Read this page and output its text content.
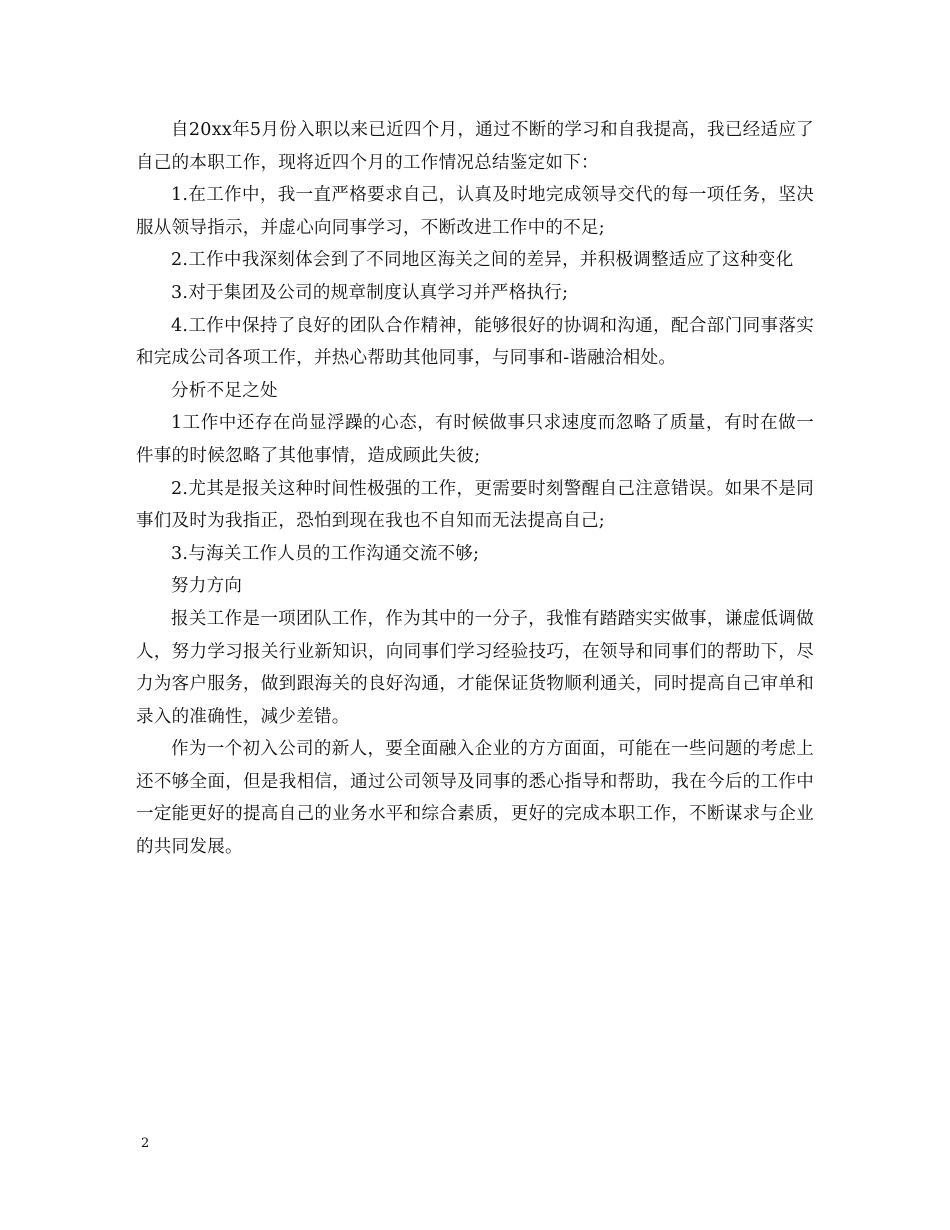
自20xx年5月份入职以来已近四个月，通过不断的学习和自我提高，我已经适应了自己的本职工作，现将近四个月的工作情况总结鉴定如下：

1.在工作中，我一直严格要求自己，认真及时地完成领导交代的每一项任务，坚决服从领导指示，并虚心向同事学习，不断改进工作中的不足;

2.工作中我深刻体会到了不同地区海关之间的差异，并积极调整适应了这种变化

3.对于集团及公司的规章制度认真学习并严格执行;

4.工作中保持了良好的团队合作精神，能够很好的协调和沟通，配合部门同事落实和完成公司各项工作，并热心帮助其他同事，与同事和-谐融洽相处。

分析不足之处

1工作中还存在尚显浮躁的心态，有时候做事只求速度而忽略了质量，有时在做一件事的时候忽略了其他事情，造成顾此失彼;

2.尤其是报关这种时间性极强的工作，更需要时刻警醒自己注意错误。如果不是同事们及时为我指正，恐怕到现在我也不自知而无法提高自己;

3.与海关工作人员的工作沟通交流不够;

努力方向

报关工作是一项团队工作，作为其中的一分子，我惟有踏踏实实做事，谦虚低调做人，努力学习报关行业新知识，向同事们学习经验技巧，在领导和同事们的帮助下，尽力为客户服务，做到跟海关的良好沟通，才能保证货物顺利通关，同时提高自己审单和录入的准确性，减少差错。

作为一个初入公司的新人，要全面融入企业的方方面面，可能在一些问题的考虑上还不够全面，但是我相信，通过公司领导及同事的悉心指导和帮助，我在今后的工作中一定能更好的提高自己的业务水平和综合素质，更好的完成本职工作，不断谋求与企业的共同发展。

2
